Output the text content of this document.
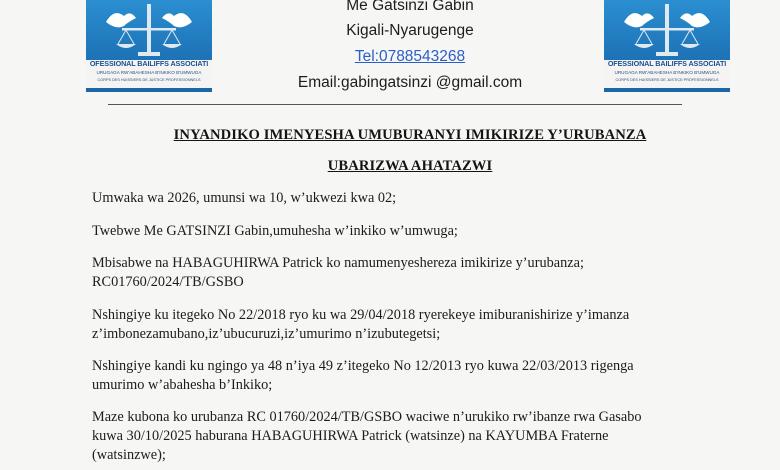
OFESSIONAL BAILIFFS ASSOCIATI
URUGAGA RW'ABAHESHA B'INKIKO B'UMWUGA
CORPS DES HUISSIERS DE JUSTICE PROFESSIONNELS
OFESSIONAL BAILIFFS ASSOCIATI
URUGAGA RW'ABAHESHA B'INKIKO B'UMWUGA
CORPS DES HUISSIERS DE JUSTICE PROFESSIONNELS
Me Gatsinzi Gabin
Kigali-Nyarugenge
Tel:0788543268
Email:gabingatsinzi @gmail.com
INYANDIKO IMENYESHA UMUBURANYI IMIKIRIZE Y’URUBANZA
UBARIZWA AHATAZWI

Umwaka wa 2026, umunsi wa 10, w’ukwezi kwa 02;

Twebwe Me GATSINZI Gabin,umuhesha w’inkiko w’umwuga;

Mbisabwe na HABAGUHIRWA Patrick ko namumenyeshereza imikirize y’urubanza;
RC01760/2024/TB/GSBO

Nshingiye ku itegeko No 22/2018 ryo ku wa 29/04/2018 ryerekeye imiburanishirize y’imanza
z’imbonezamubano,iz’ubucuruzi,iz’umurimo n’izubutegetsi;

Nshingiye kandi ku ngingo ya 48 n’iya 49 z’itegeko No 12/2013 ryo kuwa 22/03/2013 rigenga
umurimo w’abahesha b’Inkiko;

Maze kubona ko urubanza RC 01760/2024/TB/GSBO waciwe n’urukiko rw’ibanze rwa Gasabo
kuwa 30/10/2025 haburana HABAGUHIRWA Patrick (watsinze) na KAYUMBA Fraterne
(watsinzwe);
